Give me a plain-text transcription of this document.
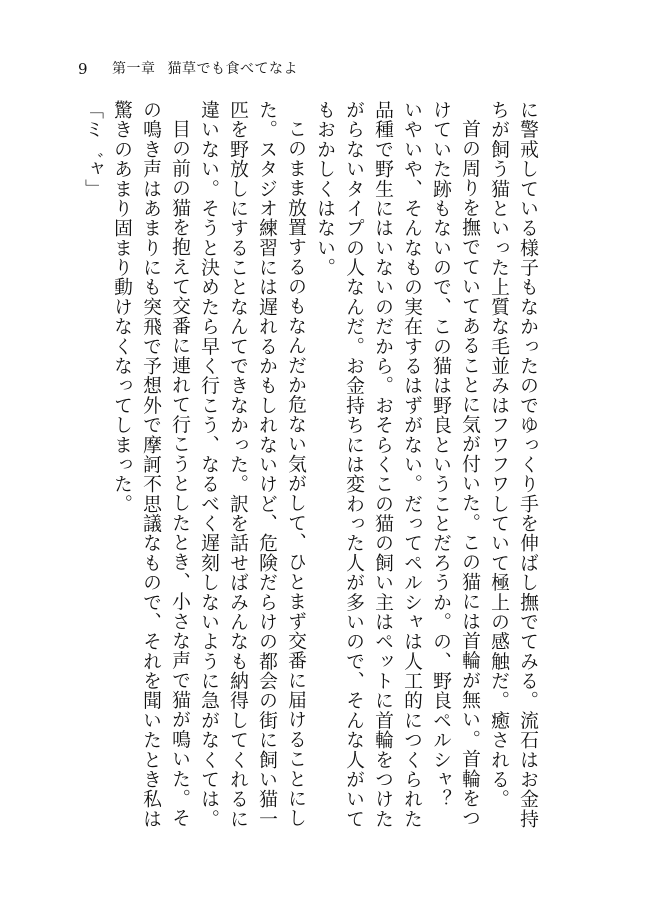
9 第一章 猫草でも食べてなよ

に警戒している様子もなかったのでゆっくり手を伸ばし撫でてみる。流石はお金持ちが飼う猫といった上質な毛並みはフワフワしていて極上の感触だ。癒される。

首の周りを撫でていてあることに気が付いた。この猫には首輪が無い。首輪をつけていた跡もないので、この猫は野良ということだろうか。の、野良ペルシャ？　いやいや、そんなもの実在するはずがない。だってペルシャは人工的につくられた品種で野生にはいないのだから。おそらくこの猫の飼い主はペットに首輪をつけたがらないタイプの人なんだ。お金持ちには変わった人が多いので、そんな人がいてもおかしくはない。

このまま放置するのもなんだか危ない気がして、ひとまず交番に届けることにした。スタジオ練習には遅れるかもしれないけど、危険だらけの都会の街に飼い猫一匹を野放しにすることなんてできなかった。訳を話せばみんなも納得してくれるに違いない。そうと決めたら早く行こう、なるべく遅刻しないように急がなくては。

目の前の猫を抱えて交番に連れて行こうとしたとき、小さな声で猫が鳴いた。その鳴き声はあまりにも突飛で予想外で摩訶不思議なもので、それを聞いたとき私は驚きのあまり固まり動けなくなってしまった。

「ミ゛ャ」
